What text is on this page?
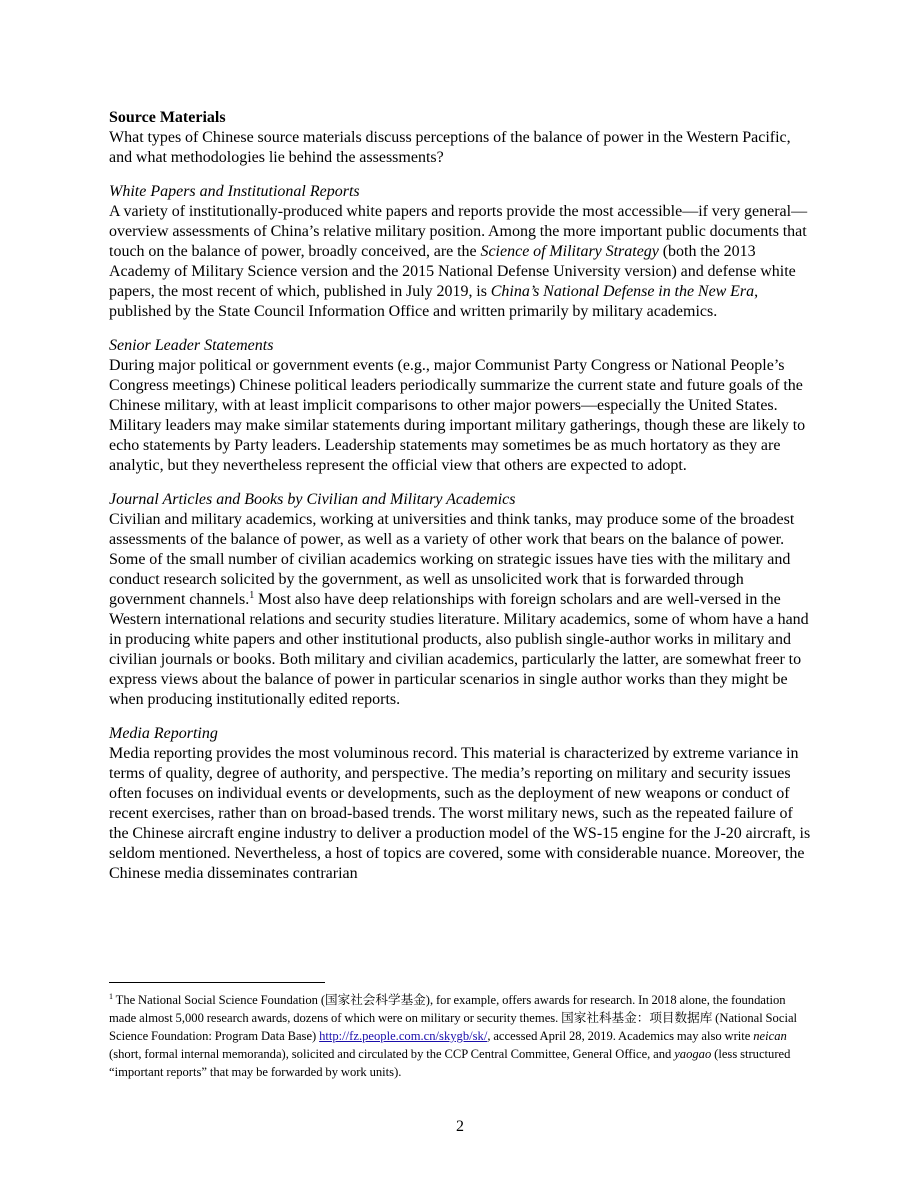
Source Materials

What types of Chinese source materials discuss perceptions of the balance of power in the Western Pacific, and what methodologies lie behind the assessments?

White Papers and Institutional Reports

A variety of institutionally-produced white papers and reports provide the most accessible—if very general—overview assessments of China’s relative military position. Among the more important public documents that touch on the balance of power, broadly conceived, are the Science of Military Strategy (both the 2013 Academy of Military Science version and the 2015 National Defense University version) and defense white papers, the most recent of which, published in July 2019, is China’s National Defense in the New Era, published by the State Council Information Office and written primarily by military academics.

Senior Leader Statements

During major political or government events (e.g., major Communist Party Congress or National People’s Congress meetings) Chinese political leaders periodically summarize the current state and future goals of the Chinese military, with at least implicit comparisons to other major powers—especially the United States. Military leaders may make similar statements during important military gatherings, though these are likely to echo statements by Party leaders. Leadership statements may sometimes be as much hortatory as they are analytic, but they nevertheless represent the official view that others are expected to adopt.

Journal Articles and Books by Civilian and Military Academics

Civilian and military academics, working at universities and think tanks, may produce some of the broadest assessments of the balance of power, as well as a variety of other work that bears on the balance of power. Some of the small number of civilian academics working on strategic issues have ties with the military and conduct research solicited by the government, as well as unsolicited work that is forwarded through government channels.$^1$ Most also have deep relationships with foreign scholars and are well-versed in the Western international relations and security studies literature. Military academics, some of whom have a hand in producing white papers and other institutional products, also publish single-author works in military and civilian journals or books. Both military and civilian academics, particularly the latter, are somewhat freer to express views about the balance of power in particular scenarios in single author works than they might be when producing institutionally edited reports.

Media Reporting

Media reporting provides the most voluminous record. This material is characterized by extreme variance in terms of quality, degree of authority, and perspective. The media’s reporting on military and security issues often focuses on individual events or developments, such as the deployment of new weapons or conduct of recent exercises, rather than on broad-based trends. The worst military news, such as the repeated failure of the Chinese aircraft engine industry to deliver a production model of the WS-15 engine for the J-20 aircraft, is seldom mentioned. Nevertheless, a host of topics are covered, some with considerable nuance. Moreover, the Chinese media disseminates contrarian

$^1$ The National Social Science Foundation (国家社会科学基金), for example, offers awards for research. In 2018 alone, the foundation made almost 5,000 research awards, dozens of which were on military or security themes. 国家社科基金：项目数据库 (National Social Science Foundation: Program Data Base) http://fz.people.com.cn/skygb/sk/, accessed April 28, 2019. Academics may also write neican (short, formal internal memoranda), solicited and circulated by the CCP Central Committee, General Office, and yaogao (less structured “important reports” that may be forwarded by work units).

2
